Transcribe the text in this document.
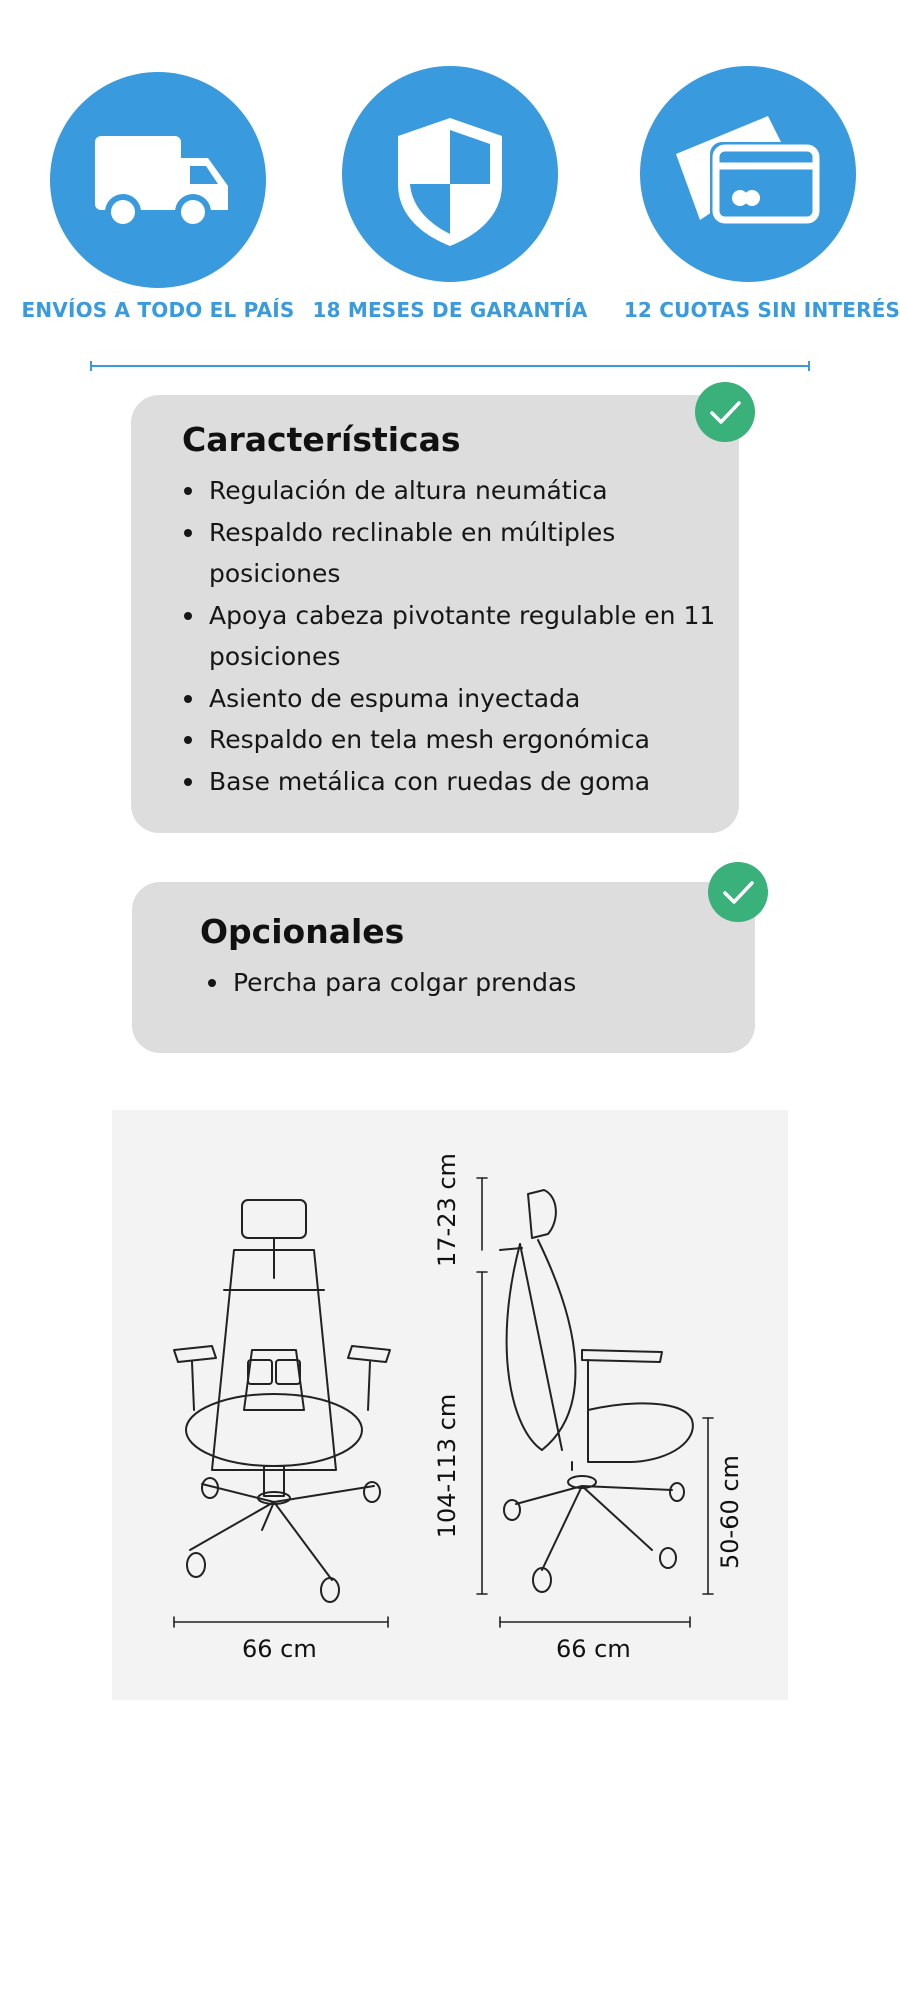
ENVÍOS A TODO EL PAÍS 18 MESES DE GARANTÍA	12 CUOTAS SIN INTERÉS
Características
Regulación de altura neumática
Respaldo reclinable en múltiples posiciones
Apoya cabeza pivotante regulable en 11 posiciones
Asiento de espuma inyectada
Respaldo en tela mesh ergonómica
Base metálica con ruedas de goma
Opcionales
Percha para colgar prendas
66 cm	66 cm
17-23 cm
104-113 cm	50-60 cm
